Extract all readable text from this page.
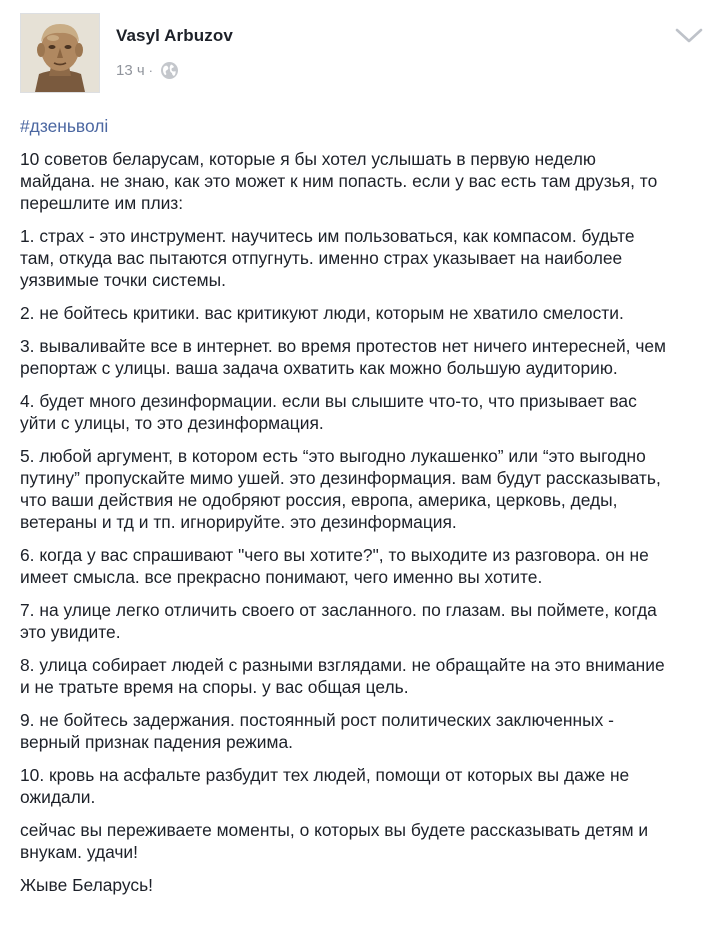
Vasyl Arbuzov
13 ч ·
#дзеньволі

10 советов беларусам, которые я бы хотел услышать в первую неделю
майдана. не знаю, как это может к ним попасть. если у вас есть там друзья, то
перешлите им плиз:

1. страх - это инструмент. научитесь им пользоваться, как компасом. будьте
там, откуда вас пытаются отпугнуть. именно страх указывает на наиболее
уязвимые точки системы.

2. не бойтесь критики. вас критикуют люди, которым не хватило смелости.

3. вываливайте все в интернет. во время протестов нет ничего интересней, чем
репортаж с улицы. ваша задача охватить как можно большую аудиторию.

4. будет много дезинформации. если вы слышите что-то, что призывает вас
уйти с улицы, то это дезинформация.

5. любой аргумент, в котором есть “это выгодно лукашенко” или “это выгодно
путину” пропускайте мимо ушей. это дезинформация. вам будут рассказывать,
что ваши действия не одобряют россия, европа, америка, церковь, деды,
ветераны и тд и тп. игнорируйте. это дезинформация.

6. когда у вас спрашивают "чего вы хотите?", то выходите из разговора. он не
имеет смысла. все прекрасно понимают, чего именно вы хотите.

7. на улице легко отличить своего от засланного. по глазам. вы поймете, когда
это увидите.

8. улица собирает людей с разными взглядами. не обращайте на это внимание
и не тратьте время на споры. у вас общая цель.

9. не бойтесь задержания. постоянный рост политических заключенных -
верный признак падения режима.

10. кровь на асфальте разбудит тех людей, помощи от которых вы даже не
ожидали.

сейчас вы переживаете моменты, о которых вы будете рассказывать детям и
внукам. удачи!

Жыве Беларусь!
